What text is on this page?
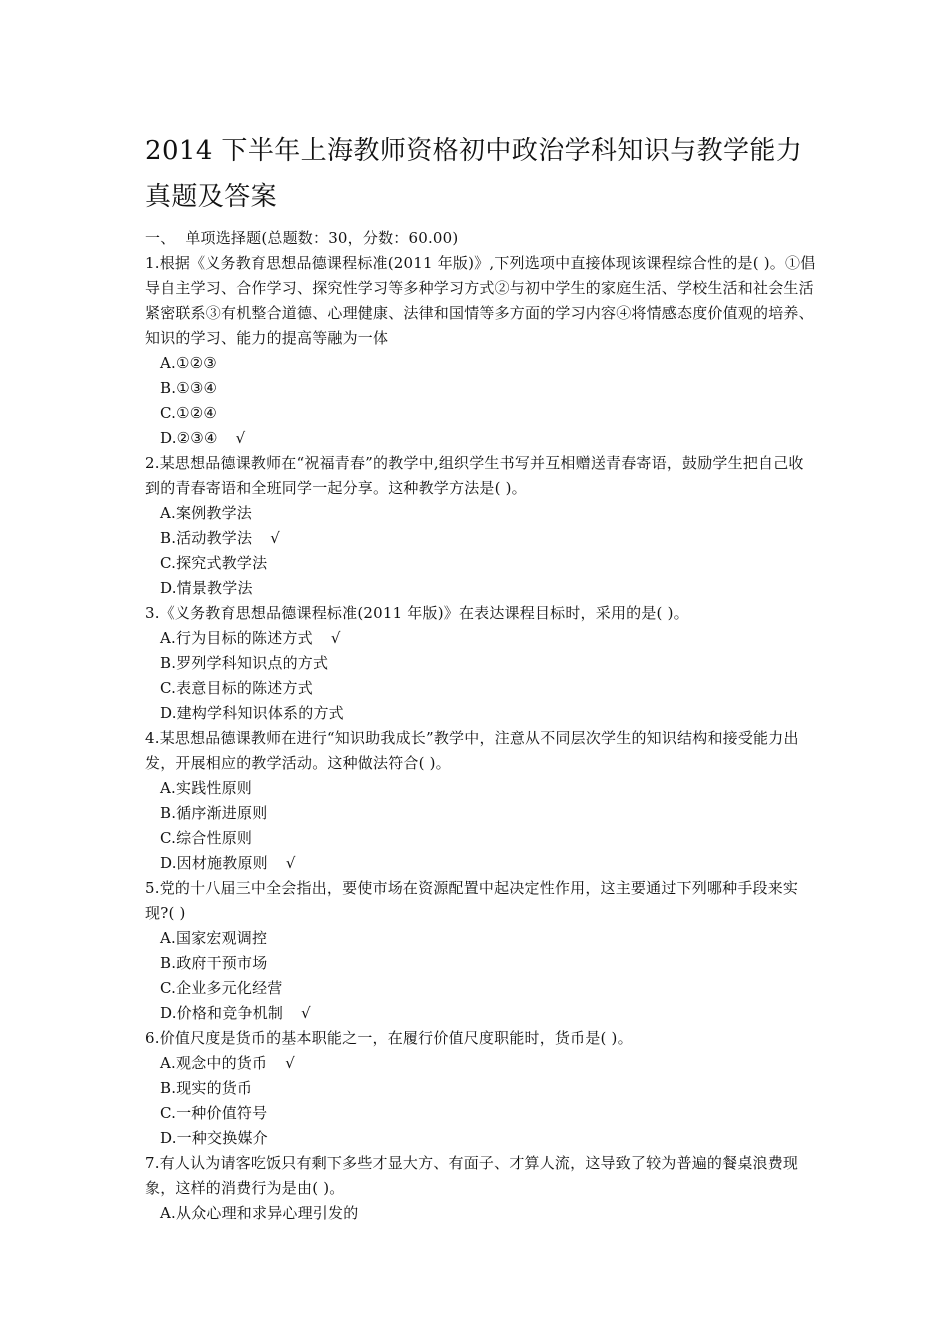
2014 下半年上海教师资格初中政治学科知识与教学能力真题及答案

一、  单项选择题(总题数：30，分数：60.00)

1.根据《义务教育思想品德课程标准(2011 年版)》,下列选项中直接体现该课程综合性的是( )。①倡导自主学习、合作学习、探究性学习等多种学习方式②与初中学生的家庭生活、学校生活和社会生活紧密联系③有机整合道德、心理健康、法律和国情等多方面的学习内容④将情感态度价值观的培养、知识的学习、能力的提高等融为一体

A.①②③

B.①③④

C.①②④

D.②③④ √

2.某思想品德课教师在“祝福青春”的教学中,组织学生书写并互相赠送青春寄语，鼓励学生把自己收到的青春寄语和全班同学一起分享。这种教学方法是( )。

A.案例教学法

B.活动教学法 √

C.探究式教学法

D.情景教学法

3.《义务教育思想品德课程标准(2011 年版)》在表达课程目标时，采用的是( )。

A.行为目标的陈述方式 √

B.罗列学科知识点的方式

C.表意目标的陈述方式

D.建构学科知识体系的方式

4.某思想品德课教师在进行“知识助我成长”教学中，注意从不同层次学生的知识结构和接受能力出发，开展相应的教学活动。这种做法符合( )。

A.实践性原则

B.循序渐进原则

C.综合性原则

D.因材施教原则 √

5.党的十八届三中全会指出，要使市场在资源配置中起决定性作用，这主要通过下列哪种手段来实现?( )

A.国家宏观调控

B.政府干预市场

C.企业多元化经营

D.价格和竞争机制 √

6.价值尺度是货币的基本职能之一，在履行价值尺度职能时，货币是( )。

A.观念中的货币 √

B.现实的货币

C.一种价值符号

D.一种交换媒介

7.有人认为请客吃饭只有剩下多些才显大方、有面子、才算人流，这导致了较为普遍的餐桌浪费现象，这样的消费行为是由( )。

A.从众心理和求异心理引发的
